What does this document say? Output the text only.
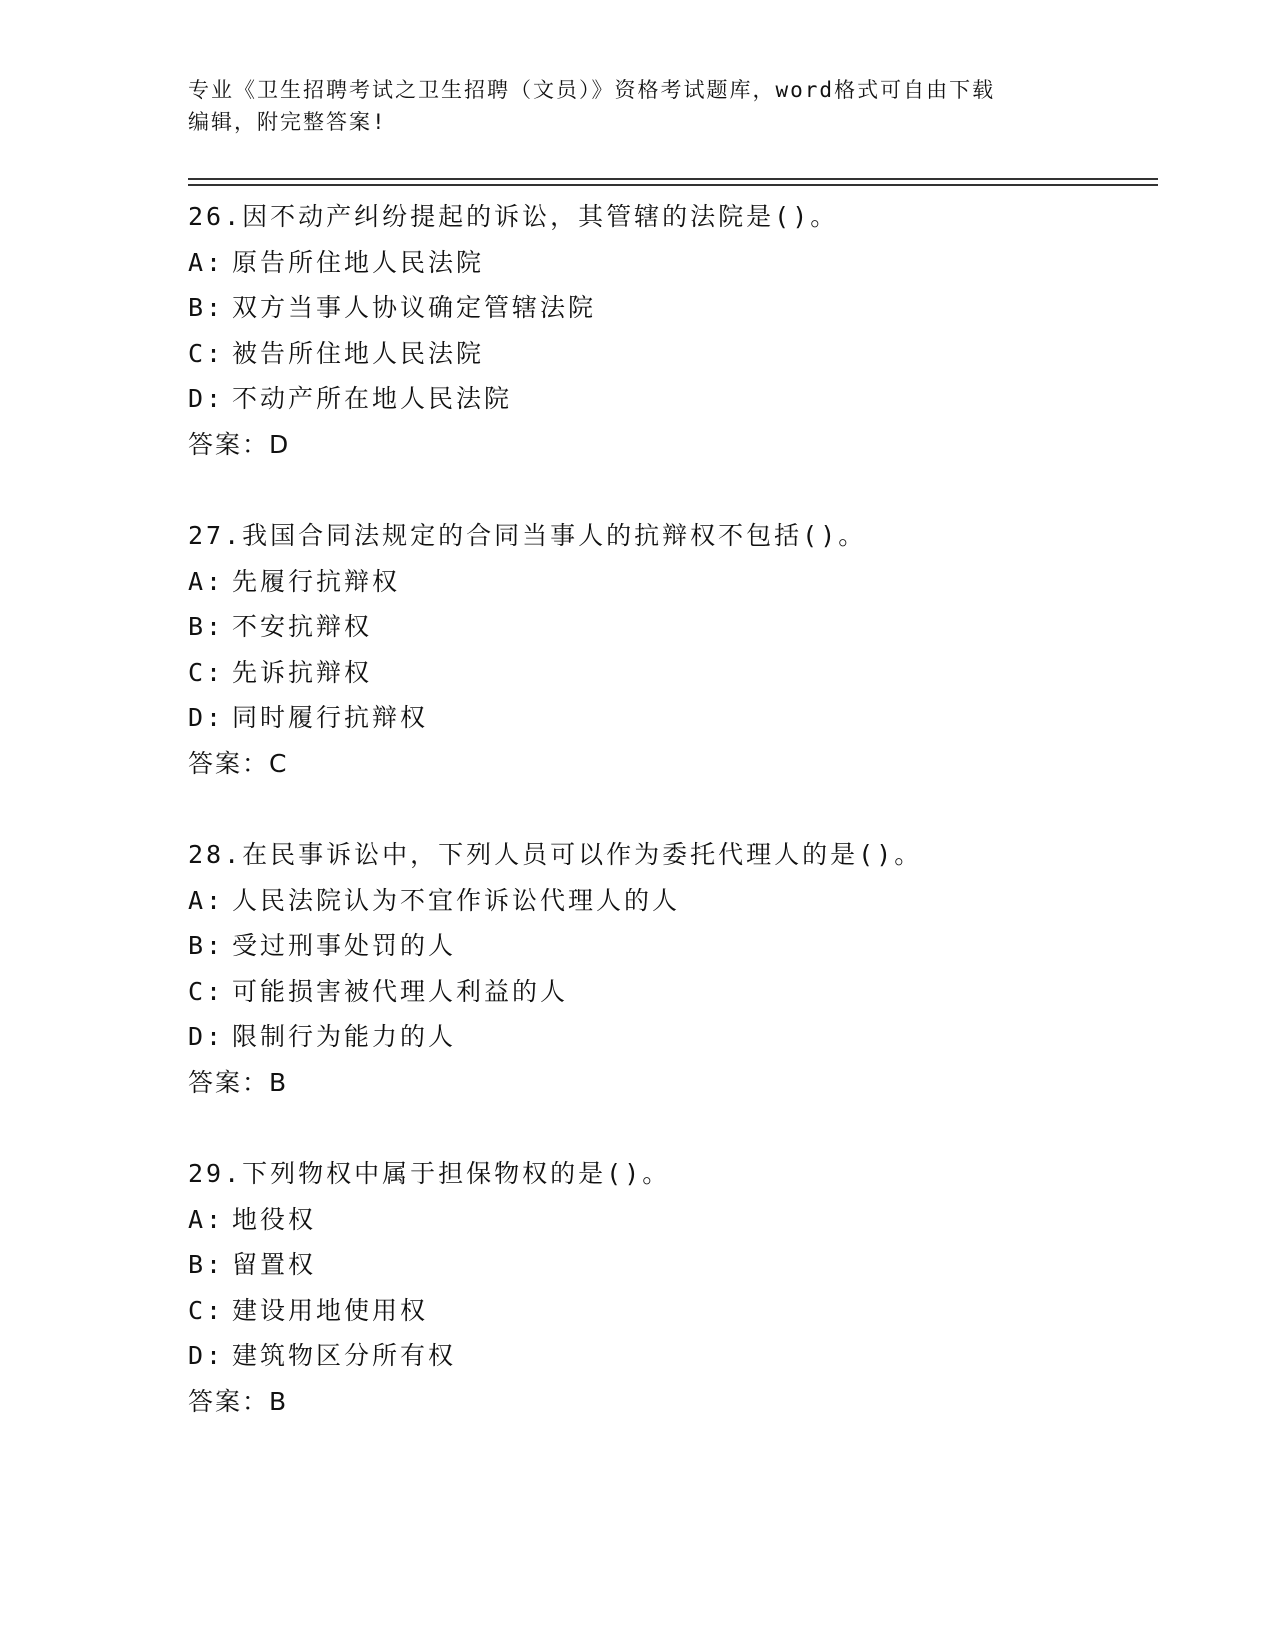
专业《卫生招聘考试之卫生招聘（文员）》资格考试题库，word格式可自由下载
编辑，附完整答案!
26.因不动产纠纷提起的诉讼，其管辖的法院是()。
A: 原告所住地人民法院
B: 双方当事人协议确定管辖法院
C: 被告所住地人民法院
D: 不动产所在地人民法院
答案：D
27.我国合同法规定的合同当事人的抗辩权不包括()。
A: 先履行抗辩权
B: 不安抗辩权
C: 先诉抗辩权
D: 同时履行抗辩权
答案：C
28.在民事诉讼中，下列人员可以作为委托代理人的是()。
A: 人民法院认为不宜作诉讼代理人的人
B: 受过刑事处罚的人
C: 可能损害被代理人利益的人
D: 限制行为能力的人
答案：B
29.下列物权中属于担保物权的是()。
A: 地役权
B: 留置权
C: 建设用地使用权
D: 建筑物区分所有权
答案：B
